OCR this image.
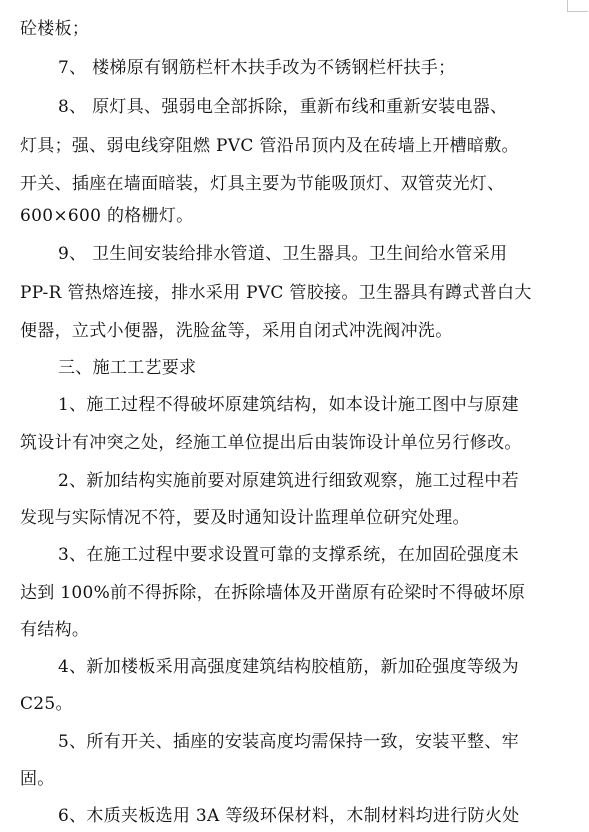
砼楼板；
7、 楼梯原有钢筋栏杆木扶手改为不锈钢栏杆扶手；
8、 原灯具、强弱电全部拆除，重新布线和重新安装电器、
灯具；强、弱电线穿阻燃 PVC 管沿吊顶内及在砖墙上开槽暗敷。
开关、插座在墙面暗装，灯具主要为节能吸顶灯、双管荧光灯、
600×600 的格栅灯。
9、 卫生间安装给排水管道、卫生器具。卫生间给水管采用
PP-R 管热熔连接，排水采用 PVC 管胶接。卫生器具有蹲式普白大
便器，立式小便器，洗脸盆等，采用自闭式冲洗阀冲洗。
三、施工工艺要求
1、施工过程不得破坏原建筑结构，如本设计施工图中与原建
筑设计有冲突之处，经施工单位提出后由装饰设计单位另行修改。
2、新加结构实施前要对原建筑进行细致观察，施工过程中若
发现与实际情况不符，要及时通知设计监理单位研究处理。
3、在施工过程中要求设置可靠的支撑系统，在加固砼强度未
达到 100%前不得拆除，在拆除墙体及开凿原有砼梁时不得破坏原
有结构。
4、新加楼板采用高强度建筑结构胶植筋，新加砼强度等级为
C25。
5、所有开关、插座的安装高度均需保持一致，安装平整、牢
固。
6、木质夹板选用 3A 等级环保材料，木制材料均进行防火处
